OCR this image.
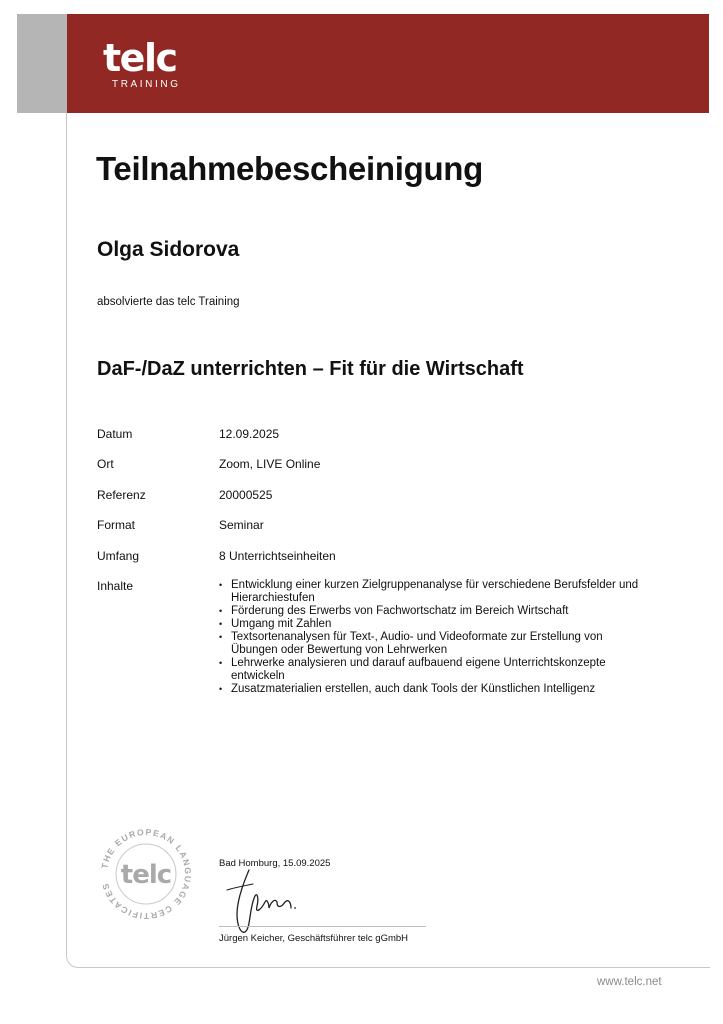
telc
TRAINING
Teilnahmebescheinigung
Olga Sidorova
absolvierte das telc Training
DaF-/DaZ unterrichten – Fit für die Wirtschaft
Datum	12.09.2025
Ort	Zoom, LIVE Online
Referenz	20000525
Format	Seminar
Umfang	8 Unterrichtseinheiten
Inhalte
•	Entwicklung einer kurzen Zielgruppenanalyse für verschiedene Berufsfelder und Hierarchiestufen
• Förderung des Erwerbs von Fachwortschatz im Bereich Wirtschaft
• Umgang mit Zahlen
• Textsortenanalysen für Text-, Audio- und Videoformate zur Erstellung von Übungen oder Bewertung von Lehrwerken
• Lehrwerke analysieren und darauf aufbauend eigene Unterrichtskonzepte entwickeln
• Zusatzmaterialien erstellen, auch dank Tools der Künstlichen Intelligenz
THE EUROPEAN LANGUAGE CERTIFICATES telc	Bad Homburg, 15.09.2025
Jürgen Keicher, Geschäftsführer telc gGmbH
www.telc.net
